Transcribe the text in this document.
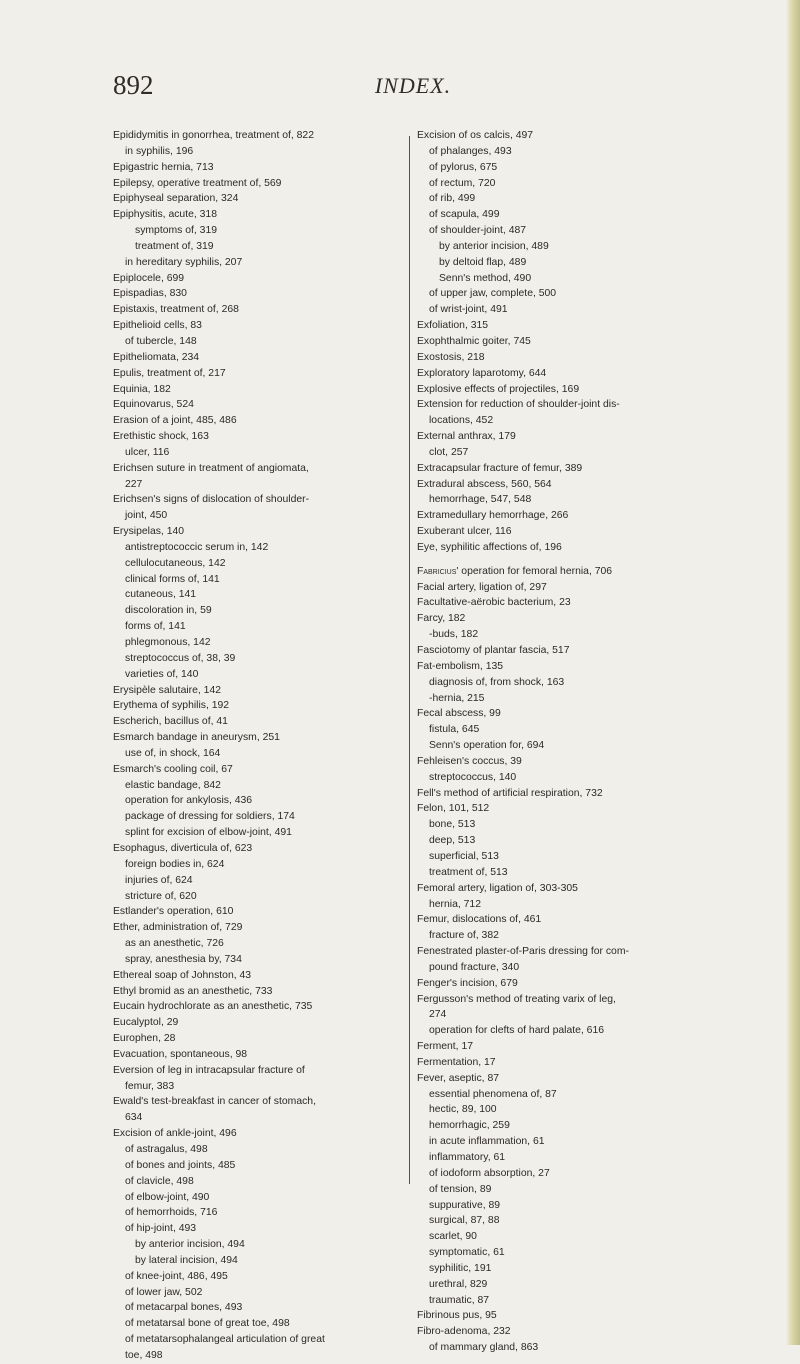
892	INDEX.
Epididymitis in gonorrhea, treatment of, 822
in syphilis, 196
Epigastric hernia, 713
Epilepsy, operative treatment of, 569
Epiphyseal separation, 324
Epiphysitis, acute, 318
symptoms of, 319
treatment of, 319
in hereditary syphilis, 207
Epiplocele, 699
Epispadias, 830
Epistaxis, treatment of, 268
Epithelioid cells, 83
of tubercle, 148
Epitheliomata, 234
Epulis, treatment of, 217
Equinia, 182
Equinovarus, 524
Erasion of a joint, 485, 486
Erethistic shock, 163
ulcer, 116
Erichsen suture in treatment of angiomata,
227
Erichsen's signs of dislocation of shoulder-
joint, 450
Erysipelas, 140
antistreptococcic serum in, 142
cellulocutaneous, 142
clinical forms of, 141
cutaneous, 141
discoloration in, 59
forms of, 141
phlegmonous, 142
streptococcus of, 38, 39
varieties of, 140
Erysipèle salutaire, 142
Erythema of syphilis, 192
Escherich, bacillus of, 41
Esmarch bandage in aneurysm, 251
use of, in shock, 164
Esmarch's cooling coil, 67
elastic bandage, 842
operation for ankylosis, 436
package of dressing for soldiers, 174
splint for excision of elbow-joint, 491
Esophagus, diverticula of, 623
foreign bodies in, 624
injuries of, 624
stricture of, 620
Estlander's operation, 610
Ether, administration of, 729
as an anesthetic, 726
spray, anesthesia by, 734
Ethereal soap of Johnston, 43
Ethyl bromid as an anesthetic, 733
Eucain hydrochlorate as an anesthetic, 735
Eucalyptol, 29
Europhen, 28
Evacuation, spontaneous, 98
Eversion of leg in intracapsular fracture of
femur, 383
Ewald's test-breakfast in cancer of stomach,
634
Excision of ankle-joint, 496
of astragalus, 498
of bones and joints, 485
of clavicle, 498
of elbow-joint, 490
of hemorrhoids, 716
of hip-joint, 493
by anterior incision, 494
by lateral incision, 494
of knee-joint, 486, 495
of lower jaw, 502
of metacarpal bones, 493
of metatarsal bone of great toe, 498
of metatarsophalangeal articulation of great
toe, 498
Excision of os calcis, 497
of phalanges, 493
of pylorus, 675
of rectum, 720
of rib, 499
of scapula, 499
of shoulder-joint, 487
by anterior incision, 489
by deltoid flap, 489
Senn's method, 490
of upper jaw, complete, 500
of wrist-joint, 491
Exfoliation, 315
Exophthalmic goiter, 745
Exostosis, 218
Exploratory laparotomy, 644
Explosive effects of projectiles, 169
Extension for reduction of shoulder-joint dis-
locations, 452
External anthrax, 179
clot, 257
Extracapsular fracture of femur, 389
Extradural abscess, 560, 564
hemorrhage, 547, 548
Extramedullary hemorrhage, 266
Exuberant ulcer, 116
Eye, syphilitic affections of, 196
Fabricius' operation for femoral hernia, 706
Facial artery, ligation of, 297
Facultative-aërobic bacterium, 23
Farcy, 182
-buds, 182
Fasciotomy of plantar fascia, 517
Fat-embolism, 135
diagnosis of, from shock, 163
-hernia, 215
Fecal abscess, 99
fistula, 645
Senn's operation for, 694
Fehleisen's coccus, 39
streptococcus, 140
Fell's method of artificial respiration, 732
Felon, 101, 512
bone, 513
deep, 513
superficial, 513
treatment of, 513
Femoral artery, ligation of, 303-305
hernia, 712
Femur, dislocations of, 461
fracture of, 382
Fenestrated plaster-of-Paris dressing for com-
pound fracture, 340
Fenger's incision, 679
Fergusson's method of treating varix of leg,
274
operation for clefts of hard palate, 616
Ferment, 17
Fermentation, 17
Fever, aseptic, 87
essential phenomena of, 87
hectic, 89, 100
hemorrhagic, 259
in acute inflammation, 61
inflammatory, 61
of iodoform absorption, 27
of tension, 89
suppurative, 89
surgical, 87, 88
scarlet, 90
symptomatic, 61
syphilitic, 191
urethral, 829
traumatic, 87
Fibrinous pus, 95
Fibro-adenoma, 232
of mammary gland, 863
